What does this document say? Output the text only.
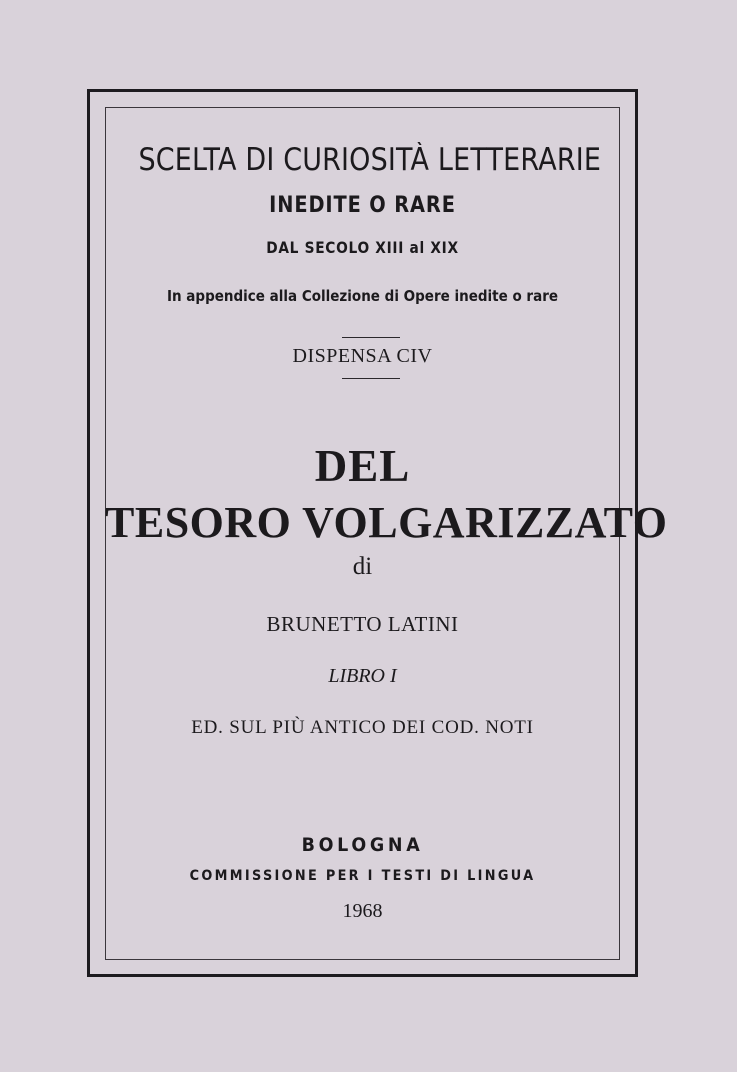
SCELTA DI CURIOSITÀ LETTERARIE

INEDITE O RARE

DAL SECOLO XIII al XIX

In appendice alla Collezione di Opere inedite o rare

DISPENSA CIV

DEL

TESORO VOLGARIZZATO

di

BRUNETTO LATINI

LIBRO I

ED. SUL PIÙ ANTICO DEI COD. NOTI

BOLOGNA

COMMISSIONE PER I TESTI DI LINGUA

1968
